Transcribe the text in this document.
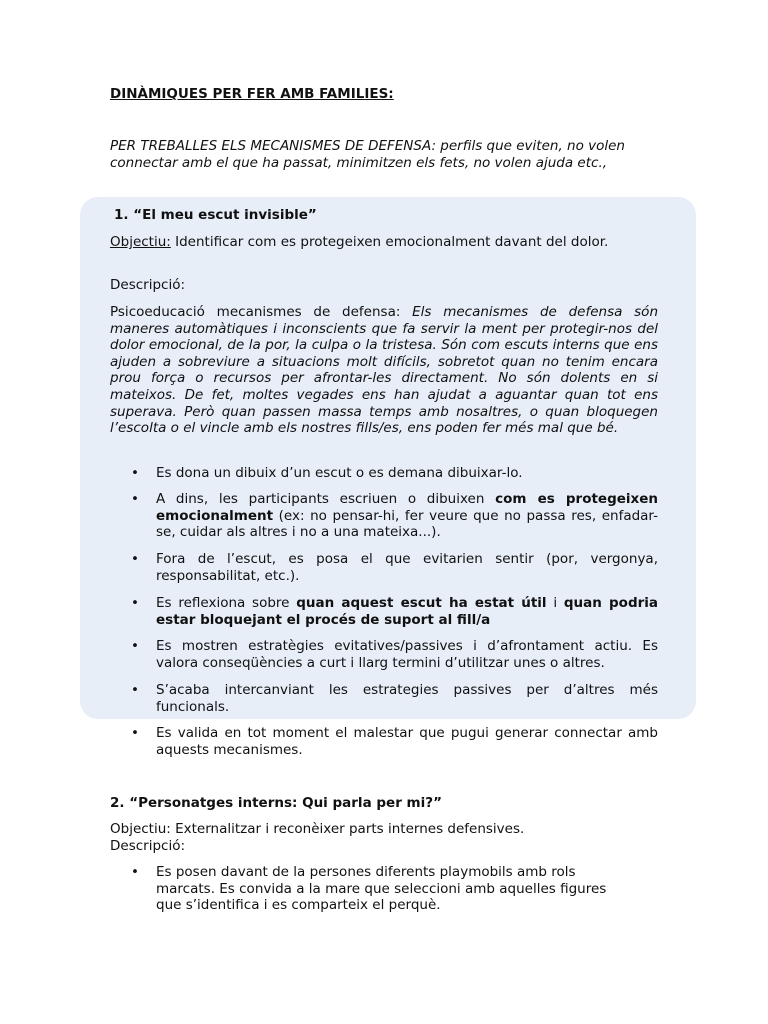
DINÀMIQUES PER FER AMB FAMILIES:

PER TREBALLES ELS MECANISMES DE DEFENSA: perfils que eviten, no volen connectar amb el que ha passat, minimitzen els fets, no volen ajuda etc.,

1. “El meu escut invisible”

Objectiu: Identificar com es protegeixen emocionalment davant del dolor.

Descripció:

Psicoeducació mecanismes de defensa: Els mecanismes de defensa són maneres automàtiques i inconscients que fa servir la ment per protegir-nos del dolor emocional, de la por, la culpa o la tristesa. Són com escuts interns que ens ajuden a sobreviure a situacions molt difícils, sobretot quan no tenim encara prou força o recursos per afrontar-les directament. No són dolents en si mateixos. De fet, moltes vegades ens han ajudat a aguantar quan tot ens superava. Però quan passen massa temps amb nosaltres, o quan bloquegen l’escolta o el vincle amb els nostres fills/es, ens poden fer més mal que bé.

• Es dona un dibuix d’un escut o es demana dibuixar-lo.
• A dins, les participants escriuen o dibuixen com es protegeixen emocionalment (ex: no pensar-hi, fer veure que no passa res, enfadar-se, cuidar als altres i no a una mateixa...).
• Fora de l’escut, es posa el que evitarien sentir (por, vergonya, responsabilitat, etc.).
• Es reflexiona sobre quan aquest escut ha estat útil i quan podria estar bloquejant el procés de suport al fill/a
• Es mostren estratègies evitatives/passives i d’afrontament actiu. Es valora conseqüències a curt i llarg termini d’utilitzar unes o altres.
• S’acaba intercanviant les estrategies passives per d’altres més funcionals.
• Es valida en tot moment el malestar que pugui generar connectar amb aquests mecanismes.

2. “Personatges interns: Qui parla per mi?”

Objectiu: Externalitzar i reconèixer parts internes defensives.

Descripció:

• Es posen davant de la persones diferents playmobils amb rols marcats. Es convida a la mare que seleccioni amb aquelles figures que s’identifica i es comparteix el perquè.
